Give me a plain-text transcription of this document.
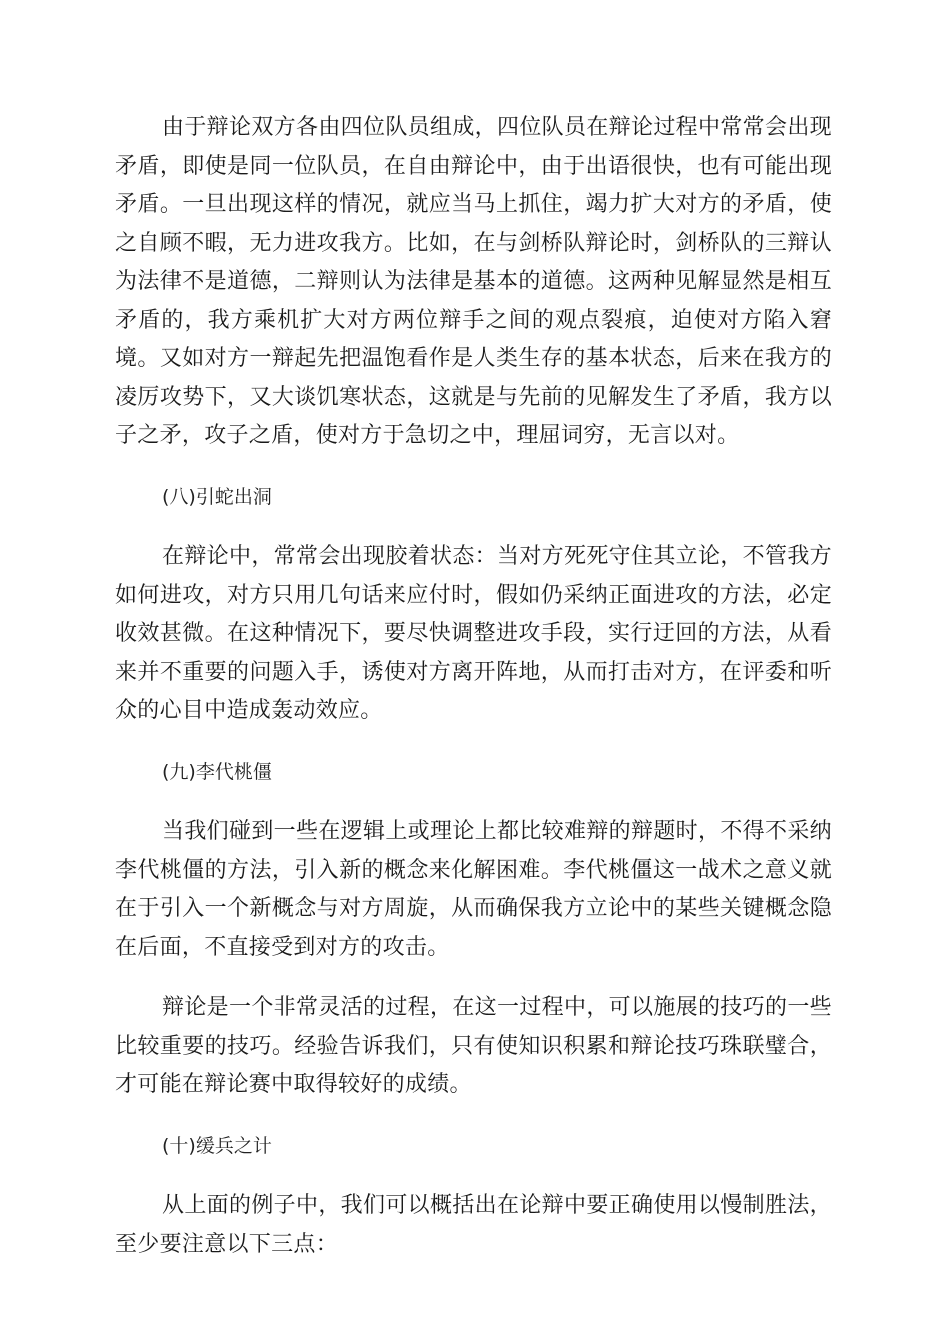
由于辩论双方各由四位队员组成，四位队员在辩论过程中常常会出现矛盾，即使是同一位队员，在自由辩论中，由于出语很快，也有可能出现矛盾。一旦出现这样的情况，就应当马上抓住，竭力扩大对方的矛盾，使之自顾不暇，无力进攻我方。比如，在与剑桥队辩论时，剑桥队的三辩认为法律不是道德，二辩则认为法律是基本的道德。这两种见解显然是相互矛盾的，我方乘机扩大对方两位辩手之间的观点裂痕，迫使对方陷入窘境。又如对方一辩起先把温饱看作是人类生存的基本状态，后来在我方的凌厉攻势下，又大谈饥寒状态，这就是与先前的见解发生了矛盾，我方以子之矛，攻子之盾，使对方于急切之中，理屈词穷，无言以对。

(八)引蛇出洞

在辩论中，常常会出现胶着状态：当对方死死守住其立论，不管我方如何进攻，对方只用几句话来应付时，假如仍采纳正面进攻的方法，必定收效甚微。在这种情况下，要尽快调整进攻手段，实行迂回的方法，从看来并不重要的问题入手，诱使对方离开阵地，从而打击对方，在评委和听众的心目中造成轰动效应。

(九)李代桃僵

当我们碰到一些在逻辑上或理论上都比较难辩的辩题时，不得不采纳李代桃僵的方法，引入新的概念来化解困难。李代桃僵这一战术之意义就在于引入一个新概念与对方周旋，从而确保我方立论中的某些关键概念隐在后面，不直接受到对方的攻击。

辩论是一个非常灵活的过程，在这一过程中，可以施展的技巧的一些比较重要的技巧。经验告诉我们，只有使知识积累和辩论技巧珠联璧合，才可能在辩论赛中取得较好的成绩。

(十)缓兵之计

从上面的例子中，我们可以概括出在论辩中要正确使用以慢制胜法，至少要注意以下三点：
